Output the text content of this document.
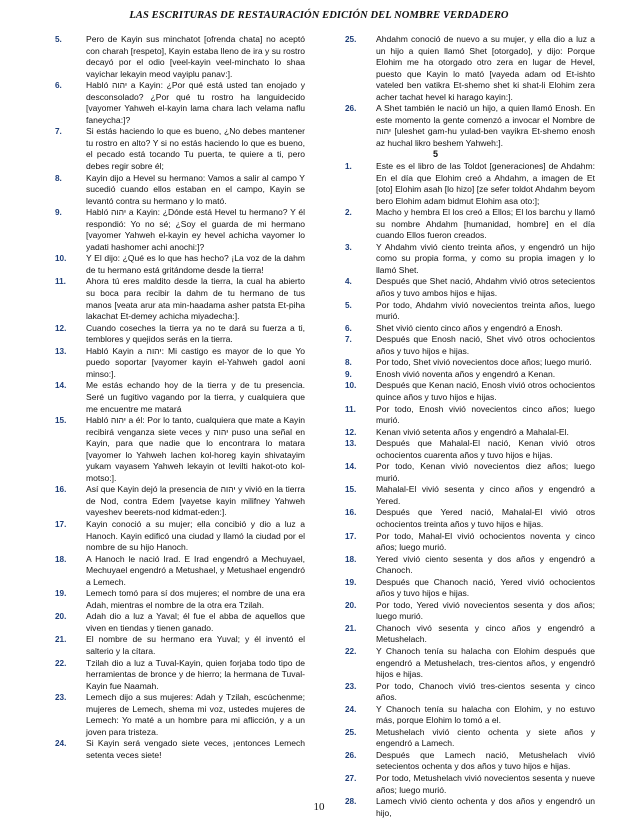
LAS ESCRITURAS DE RESTAURACIÓN EDICIÓN DEL NOMBRE VERDADERO
5.	Pero de Kayin sus minchatot [ofrenda chata] no aceptó con charah [respeto], Kayin estaba lleno de ira y su rostro decayó por el odio [veel-kayin veel-minchato lo shaa vayichar lekayin meod vayiplu panav:].
6.	Habló יהוה a Kayin: ¿Por qué está usted tan enojado y desconsolado? ¿Por qué tu rostro ha languidecido [vayomer Yahweh el-kayin lama chara lach velama naflu faneycha:]?
7.	Si estás haciendo lo que es bueno, ¿No debes mantener tu rostro en alto? Y si no estás haciendo lo que es bueno, el pecado está tocando Tu puerta, te quiere a ti, pero debes regir sobre él;
8.	Kayin dijo a Hevel su hermano: Vamos a salir al campo Y sucedió cuando ellos estaban en el campo, Kayin se levantó contra su hermano y lo mató.
9.	Habló יהוה a Kayin: ¿Dónde está Hevel tu hermano? Y él respondió: Yo no sé; ¿Soy el guarda de mi hermano [vayomer Yahweh el-kayin ey hevel achicha vayomer lo yadati hashomer achi anochi:]?
10. Y El dijo: ¿Qué es lo que has hecho? ¡La voz de la dahm de tu hermano está gritándome desde la tierra!
11. Ahora tú eres maldito desde la tierra, la cual ha abierto su boca para recibir la dahm de tu hermano de tus manos [veata arur ata min-haadama asher patsta Et-piha lakachat Et-demey achicha miyadecha:].
12. Cuando coseches la tierra ya no te dará su fuerza a ti, temblores y quejidos serás en la tierra.
13. Habló Kayin a יהוה: Mi castigo es mayor de lo que Yo puedo soportar [vayomer kayin el-Yahweh gadol aoni minso:].
14. Me estás echando hoy de la tierra y de tu presencia. Seré un fugitivo vagando por la tierra, y cualquiera que me encuentre me matará
15. Habló יהוה a él: Por lo tanto, cualquiera que mate a Kayin recibirá venganza siete veces y יהוה puso una señal en Kayin, para que nadie que lo encontrara lo matara [vayomer lo Yahweh lachen kol-horeg kayin shivatayim yukam vayasem Yahweh lekayin ot levilti hakot-oto kol-motso:].
16. Así que Kayin dejó la presencia de יהוה y vivió en la tierra de Nod, contra Edem [vayetse kayin milifney Yahweh vayeshev beerets-nod kidmat-eden:].
17. Kayin conoció a su mujer; ella concibió y dio a luz a Hanoch. Kayin edificó una ciudad y llamó la ciudad por el nombre de su hijo Hanoch.
18. A Hanoch le nació Irad. E Irad engendró a Mechuyael, Mechuyael engendró a Metushael, y Metushael engendró a Lemech.
19. Lemech tomó para sí dos mujeres; el nombre de una era Adah, mientras el nombre de la otra era Tzilah.
20. Adah dio a luz a Yaval; él fue el abba de aquellos que viven en tiendas y tienen ganado.
21. El nombre de su hermano era Yuval; y él inventó el salterio y la cítara.
22. Tzilah dio a luz a Tuval-Kayin, quien forjaba todo tipo de herramientas de bronce y de hierro; la hermana de Tuval-Kayin fue Naamah.
23. Lemech dijo a sus mujeres: Adah y Tzilah, escúchenme; mujeres de Lemech, shema mi voz, ustedes mujeres de Lemech: Yo maté a un hombre para mi aflicción, y a un joven para tristeza.
24. Si Kayin será vengado siete veces, ¡entonces Lemech setenta veces siete!
25. Ahdahm conoció de nuevo a su mujer, y ella dio a luz a un hijo a quien llamó Shet [otorgado], y dijo: Porque Elohim me ha otorgado otro zera en lugar de Hevel, puesto que Kayin lo mató [vayeda adam od Et-ishto vateled ben vatikra Et-shemo shet ki shat-li Elohim zera acher tachat hevel ki harago kayin:].
26. A Shet también le nació un hijo, a quien llamó Enosh. En este momento la gente comenzó a invocar el Nombre de יהוה [uleshet gam-hu yulad-ben vayikra Et-shemo enosh az huchal likro beshem Yahweh:].
5
1.	Este es el libro de las Toldot [generaciones] de Ahdahm: En el día que Elohim creó a Ahdahm, a imagen de Et [oto] Elohim asah [lo hizo] [ze sefer toldot Ahdahm beyom bero Elohim adam bidmut Elohim asa oto:];
2.	Macho y hembra El los creó a Ellos; El los barchu y llamó su nombre Ahdahm [humanidad, hombre] en el día cuando Ellos fueron creados.
3.	Y Ahdahm vivió ciento treinta años, y engendró un hijo como su propia forma, y como su propia imagen y lo llamó Shet.
4.	Después que Shet nació, Ahdahm vivió otros setecientos años y tuvo ambos hijos e hijas.
5.	Por todo, Ahdahm vivió novecientos treinta años, luego murió.
6.	Shet vivió ciento cinco años y engendró a Enosh.
7.	Después que Enosh nació, Shet vivó otros ochocientos años y tuvo hijos e hijas.
8.	Por todo, Shet vivió novecientos doce años; luego murió.
9.	Enosh vivió noventa años y engendró a Kenan.
10. Después que Kenan nació, Enosh vivió otros ochocientos quince años y tuvo hijos e hijas.
11. Por todo, Enosh vivió novecientos cinco años; luego murió.
12. Kenan vivió setenta años y engendró a Mahalal-El.
13. Después que Mahalal-El nació, Kenan vivió otros ochocientos cuarenta años y tuvo hijos e hijas.
14. Por todo, Kenan vivió novecientos diez años; luego murió.
15. Mahalal-El vivió sesenta y cinco años y engendró a Yered.
16. Después que Yered nació, Mahalal-El vivió otros ochocientos treinta años y tuvo hijos e hijas.
17. Por todo, Mahal-El vivió ochocientos noventa y cinco años; luego murió.
18. Yered vivió ciento sesenta y dos años y engendró a Chanoch.
19. Después que Chanoch nació, Yered vivió ochocientos años y tuvo hijos e hijas.
20. Por todo, Yered vivió novecientos sesenta y dos años; luego murió.
21. Chanoch vivó sesenta y cinco años y engendró a Metushelach.
22. Y Chanoch tenía su halacha con Elohim después que engendró a Metushelach, tres-cientos años, y engendró hijos e hijas.
23. Por todo, Chanoch vivió tres-cientos sesenta y cinco años.
24. Y Chanoch tenía su halacha con Elohim, y no estuvo más, porque Elohim lo tomó a el.
25. Metushelach vivió ciento ochenta y siete años y engendró a Lamech.
26. Después que Lamech nació, Metushelach vivió setecientos ochenta y dos años y tuvo hijos e hijas.
27. Por todo, Metushelach vivió novecientos sesenta y nueve años; luego murió.
28. Lamech vivió ciento ochenta y dos años y engendró un hijo,
10
